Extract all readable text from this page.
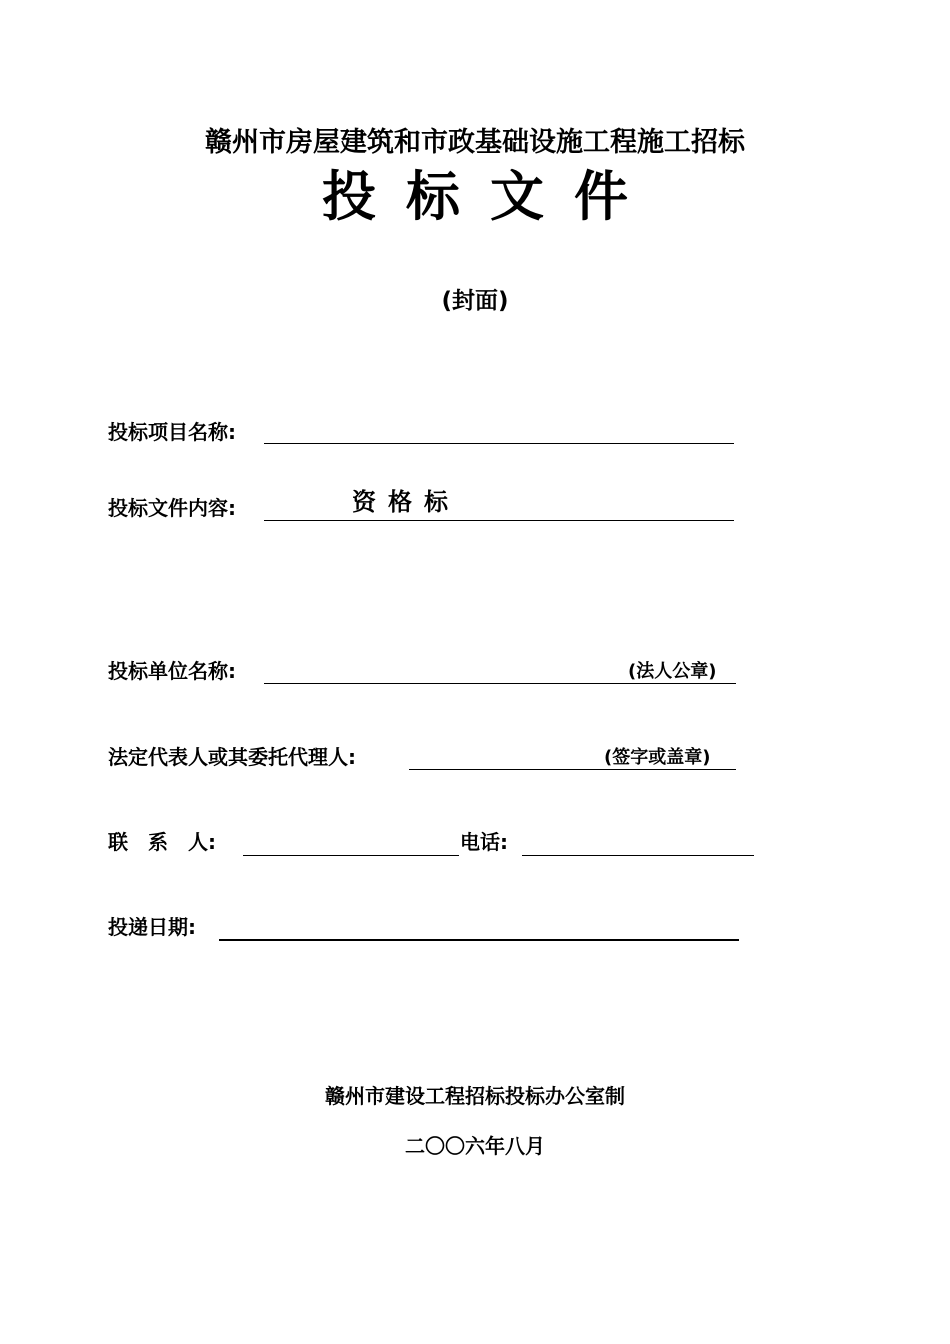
赣州市房屋建筑和市政基础设施工程施工招标
投标文件
(封面)
投标项目名称:
投标文件内容:	资格标
投标单位名称:	(法人公章)
法定代表人或其委托代理人:	(签字或盖章)
联　系　人:	电话:
投递日期:
赣州市建设工程招标投标办公室制
二〇〇六年八月
